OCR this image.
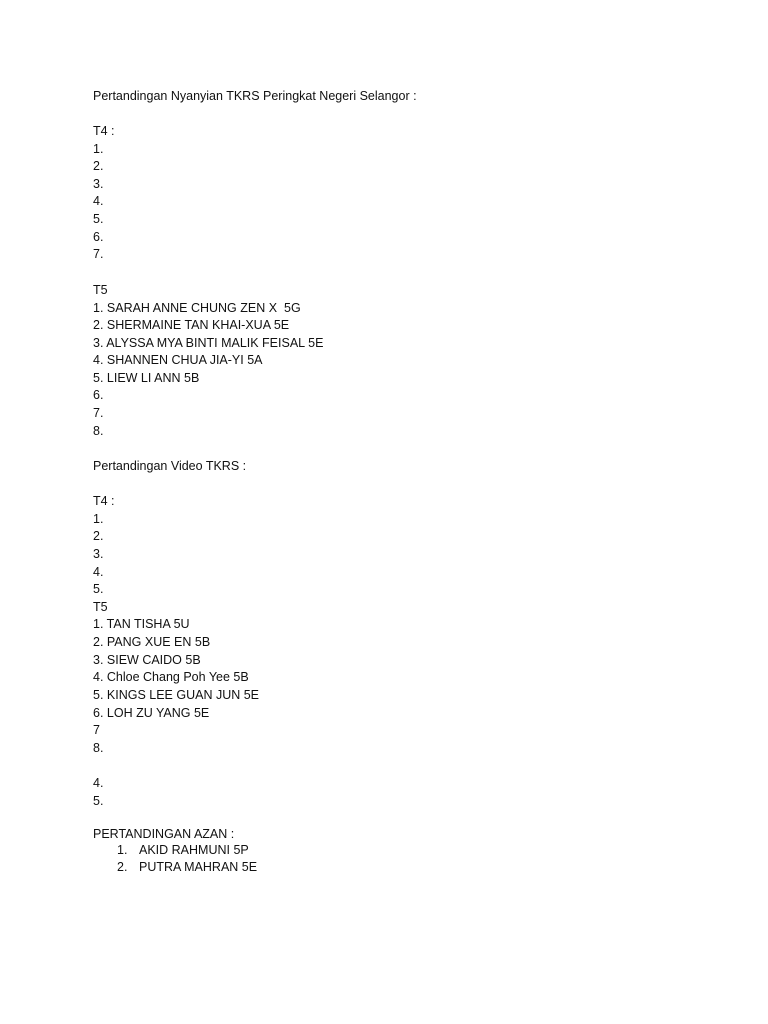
Pertandingan Nyanyian TKRS Peringkat Negeri Selangor :
T4 :
1.
2.
3.
4.
5.
6.
7.
T5
1. SARAH ANNE CHUNG ZEN X  5G
2. SHERMAINE TAN KHAI-XUA 5E
3. ALYSSA MYA BINTI MALIK FEISAL 5E
4. SHANNEN CHUA JIA-YI 5A
5. LIEW LI ANN 5B
6.
7.
8.
Pertandingan Video TKRS :
T4 :
1.
2.
3.
4.
5.
T5
1. TAN TISHA 5U
2. PANG XUE EN 5B
3. SIEW CAIDO 5B
4. Chloe Chang Poh Yee 5B
5. KINGS LEE GUAN JUN 5E
6. LOH ZU YANG 5E
7
8.
4.
5.
PERTANDINGAN AZAN :
1. AKID RAHMUNI 5P
2. PUTRA MAHRAN 5E
